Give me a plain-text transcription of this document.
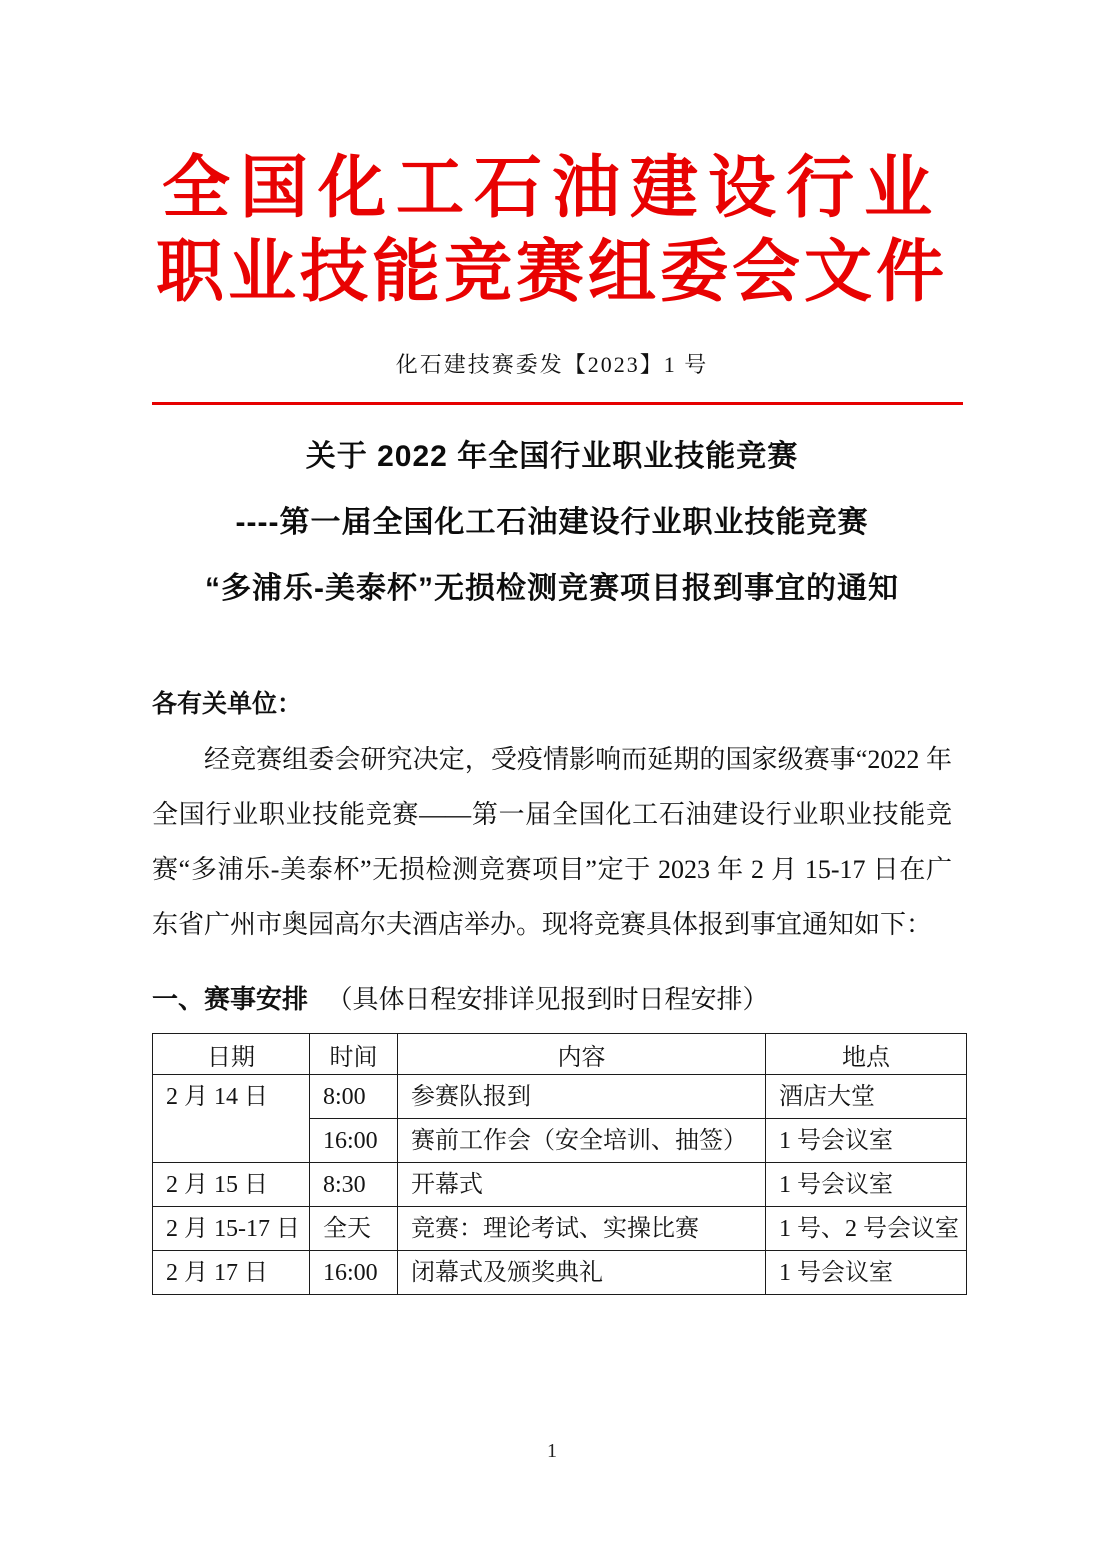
全国化工石油建设行业
职业技能竞赛组委会文件
化石建技赛委发【2023】1 号
关于 2022 年全国行业职业技能竞赛
----第一届全国化工石油建设行业职业技能竞赛
“多浦乐-美泰杯”无损检测竞赛项目报到事宜的通知

各有关单位：

经竞赛组委会研究决定，受疫情影响而延期的国家级赛事“2022 年全国行业职业技能竞赛——第一届全国化工石油建设行业职业技能竞赛“多浦乐-美泰杯”无损检测竞赛项目”定于 2023 年 2 月 15-17 日在广东省广州市奥园高尔夫酒店举办。现将竞赛具体报到事宜通知如下：

一、赛事安排 （具体日程安排详见报到时日程安排）

日期	时间	内容	地点
2 月 14 日	8:00	参赛队报到	酒店大堂
	16:00	赛前工作会（安全培训、抽签）	1 号会议室
2 月 15 日	8:30	开幕式	1 号会议室
2 月 15-17 日	全天	竞赛：理论考试、实操比赛	1 号、2 号会议室
2 月 17 日	16:00	闭幕式及颁奖典礼	1 号会议室
1
